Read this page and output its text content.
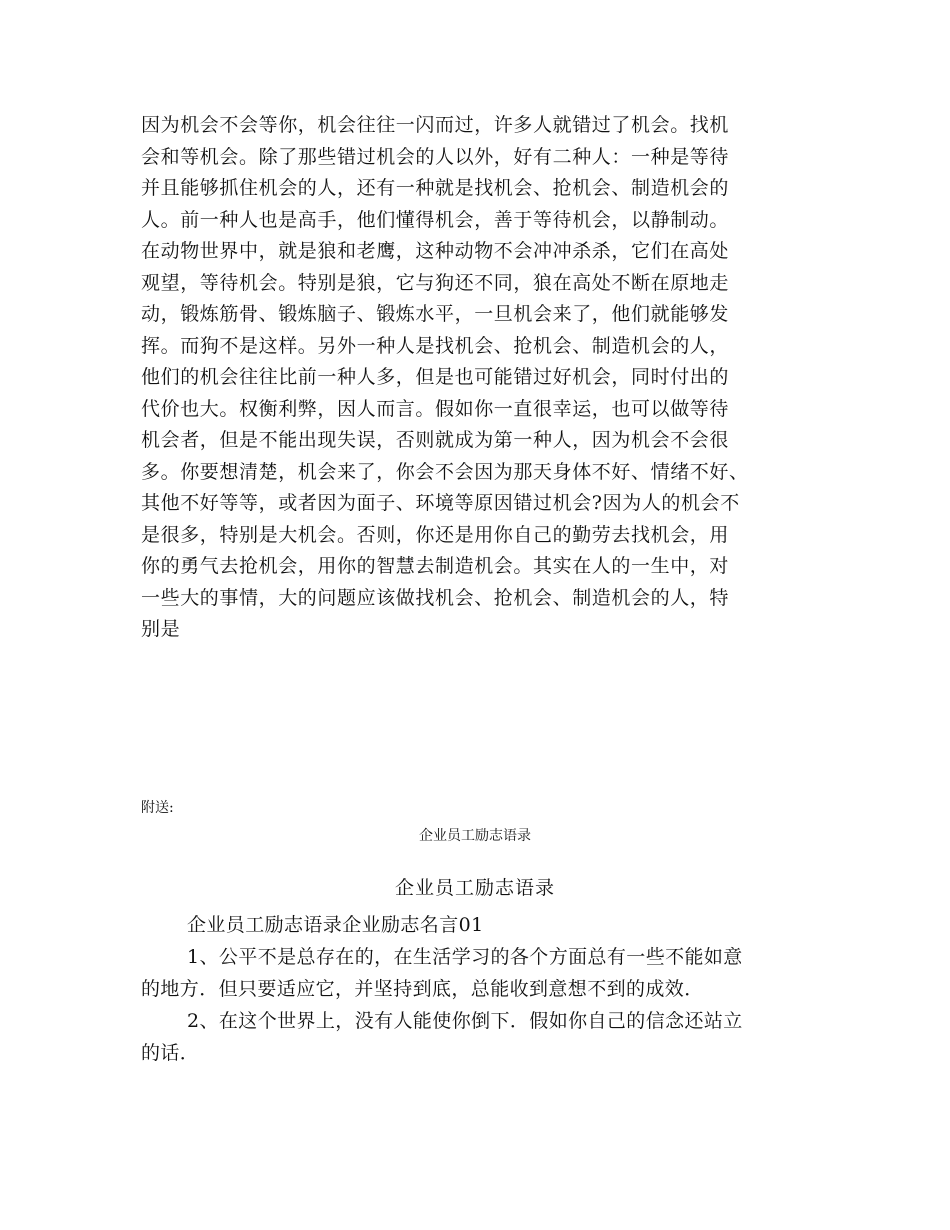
因为机会不会等你，机会往往一闪而过，许多人就错过了机会。找机
会和等机会。除了那些错过机会的人以外，好有二种人：一种是等待
并且能够抓住机会的人，还有一种就是找机会、抢机会、制造机会的
人。前一种人也是高手，他们懂得机会，善于等待机会，以静制动。
在动物世界中，就是狼和老鹰，这种动物不会冲冲杀杀，它们在高处
观望，等待机会。特别是狼，它与狗还不同，狼在高处不断在原地走
动，锻炼筋骨、锻炼脑子、锻炼水平，一旦机会来了，他们就能够发
挥。而狗不是这样。另外一种人是找机会、抢机会、制造机会的人，
他们的机会往往比前一种人多，但是也可能错过好机会，同时付出的
代价也大。权衡利弊，因人而言。假如你一直很幸运，也可以做等待
机会者，但是不能出现失误，否则就成为第一种人，因为机会不会很
多。你要想清楚，机会来了，你会不会因为那天身体不好、情绪不好、
其他不好等等，或者因为面子、环境等原因错过机会?因为人的机会不
是很多，特别是大机会。否则，你还是用你自己的勤劳去找机会，用
你的勇气去抢机会，用你的智慧去制造机会。其实在人的一生中，对
一些大的事情，大的问题应该做找机会、抢机会、制造机会的人，特
别是
附送:
企业员工励志语录
企业员工励志语录
企业员工励志语录企业励志名言01
1、公平不是总存在的，在生活学习的各个方面总有一些不能如意
的地方．但只要适应它，并坚持到底，总能收到意想不到的成效．
2、在这个世界上，没有人能使你倒下．假如你自己的信念还站立
的话．
